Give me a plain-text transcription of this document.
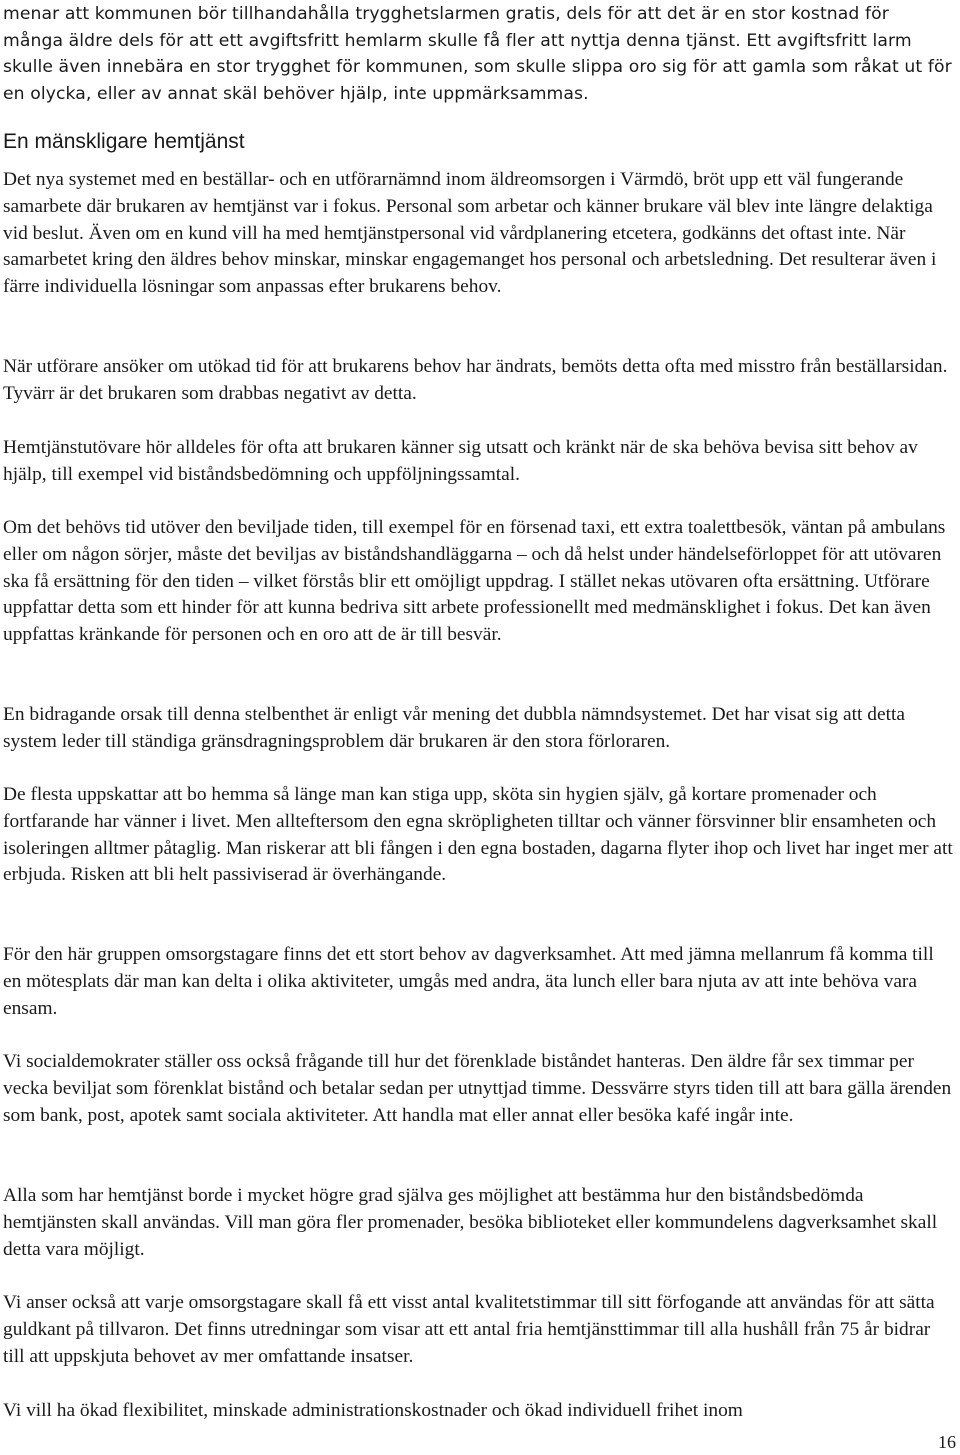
menar att kommunen bör tillhandahålla trygghetslarmen gratis, dels för att det är en stor kostnad för många äldre dels för att ett avgiftsfritt hemlarm skulle få fler att nyttja denna tjänst. Ett avgiftsfritt larm skulle även innebära en stor trygghet för kommunen, som skulle slippa oro sig för att gamla som råkat ut för en olycka, eller av annat skäl behöver hjälp, inte uppmärksammas.

En mänskligare hemtjänst

Det nya systemet med en beställar- och en utförarnämnd inom äldreomsorgen i Värmdö, bröt upp ett väl fungerande samarbete där brukaren av hemtjänst var i fokus. Personal som arbetar och känner brukare väl blev inte längre delaktiga vid beslut. Även om en kund vill ha med hemtjänstpersonal vid vårdplanering etcetera, godkänns det oftast inte. När samarbetet kring den äldres behov minskar, minskar engagemanget hos personal och arbetsledning. Det resulterar även i färre individuella lösningar som anpassas efter brukarens behov.

När utförare ansöker om utökad tid för att brukarens behov har ändrats, bemöts detta ofta med misstro från beställarsidan. Tyvärr är det brukaren som drabbas negativt av detta.

Hemtjänstutövare hör alldeles för ofta att brukaren känner sig utsatt och kränkt när de ska behöva bevisa sitt behov av hjälp, till exempel vid biståndsbedömning och uppföljningssamtal.

Om det behövs tid utöver den beviljade tiden, till exempel för en försenad taxi, ett extra toalettbesök, väntan på ambulans eller om någon sörjer, måste det beviljas av biståndshandläggarna – och då helst under händelseförloppet för att utövaren ska få ersättning för den tiden – vilket förstås blir ett omöjligt uppdrag. I stället nekas utövaren ofta ersättning. Utförare uppfattar detta som ett hinder för att kunna bedriva sitt arbete professionellt med medmänsklighet i fokus. Det kan även uppfattas kränkande för personen och en oro att de är till besvär.

En bidragande orsak till denna stelbenthet är enligt vår mening det dubbla nämndsystemet. Det har visat sig att detta system leder till ständiga gränsdragningsproblem där brukaren är den stora förloraren.

De flesta uppskattar att bo hemma så länge man kan stiga upp, sköta sin hygien själv, gå kortare promenader och fortfarande har vänner i livet. Men allteftersom den egna skröpligheten tilltar och vänner försvinner blir ensamheten och isoleringen alltmer påtaglig. Man riskerar att bli fången i den egna bostaden, dagarna flyter ihop och livet har inget mer att erbjuda. Risken att bli helt passiviserad är överhängande.

För den här gruppen omsorgstagare finns det ett stort behov av dagverksamhet. Att med jämna mellanrum få komma till en mötesplats där man kan delta i olika aktiviteter, umgås med andra, äta lunch eller bara njuta av att inte behöva vara ensam.

Vi socialdemokrater ställer oss också frågande till hur det förenklade biståndet hanteras. Den äldre får sex timmar per vecka beviljat som förenklat bistånd och betalar sedan per utnyttjad timme. Dessvärre styrs tiden till att bara gälla ärenden som bank, post, apotek samt sociala aktiviteter. Att handla mat eller annat eller besöka kafé ingår inte.

Alla som har hemtjänst borde i mycket högre grad själva ges möjlighet att bestämma hur den biståndsbedömda hemtjänsten skall användas. Vill man göra fler promenader, besöka biblioteket eller kommundelens dagverksamhet skall detta vara möjligt.

Vi anser också att varje omsorgstagare skall få ett visst antal kvalitetstimmar till sitt förfogande att användas för att sätta guldkant på tillvaron. Det finns utredningar som visar att ett antal fria hemtjänsttimmar till alla hushåll från 75 år bidrar till att uppskjuta behovet av mer omfattande insatser.

Vi vill ha ökad flexibilitet, minskade administrationskostnader och ökad individuell frihet inom

16
